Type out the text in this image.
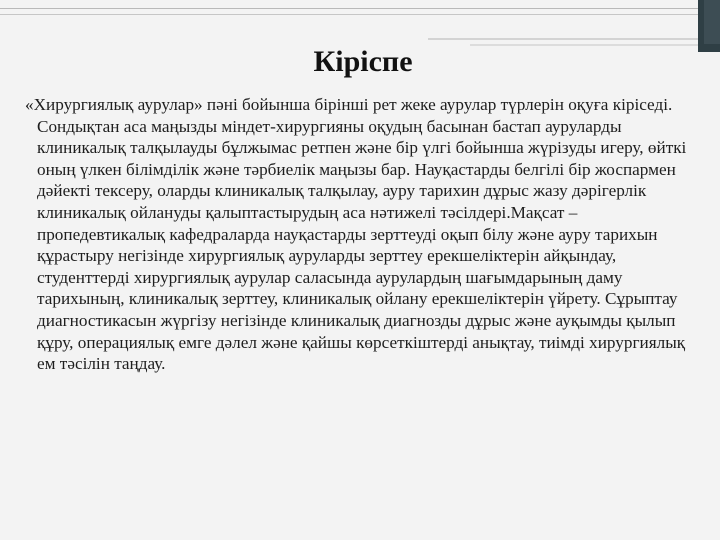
Кіріспе

«Хирургиялық аурулар» пәні бойынша бірінші рет жеке аурулар түрлерін оқуға кіріседі. Сондықтан аса маңызды міндет-хирургияны оқудың басынан бастап ауруларды клиникалық талқылауды бұлжымас ретпен және бір үлгі бойынша жүрізуды игеру, өйткі оның үлкен білімділік және тәрбиелік маңызы бар. Науқастарды белгілі бір жоспармен дәйекті тексеру, оларды клиникалық талқылау, ауру тарихин дұрыс жазу дәрігерлік клиникалық ойлануды қалыптастырудың аса нәтижелі тәсілдері.Мақсат – пропедевтикалық кафедраларда науқастарды зерттеуді оқып білу және ауру тарихын құрастыру негізінде хирургиялық ауруларды зерттеу ерекшеліктерін айқындау, студенттерді хирургиялық аурулар саласында аурулардың шағымдарының даму тарихының, клиникалық зерттеу, клиникалық ойлану ерекшеліктерін үйрету. Сұрыптау диагностикасын жүргізу негізінде клиникалық диагнозды дұрыс және ауқымды қылып құру, операциялық емге дәлел және қайшы көрсеткіштерді анықтау, тиімді хирургиялық ем тәсілін таңдау.
